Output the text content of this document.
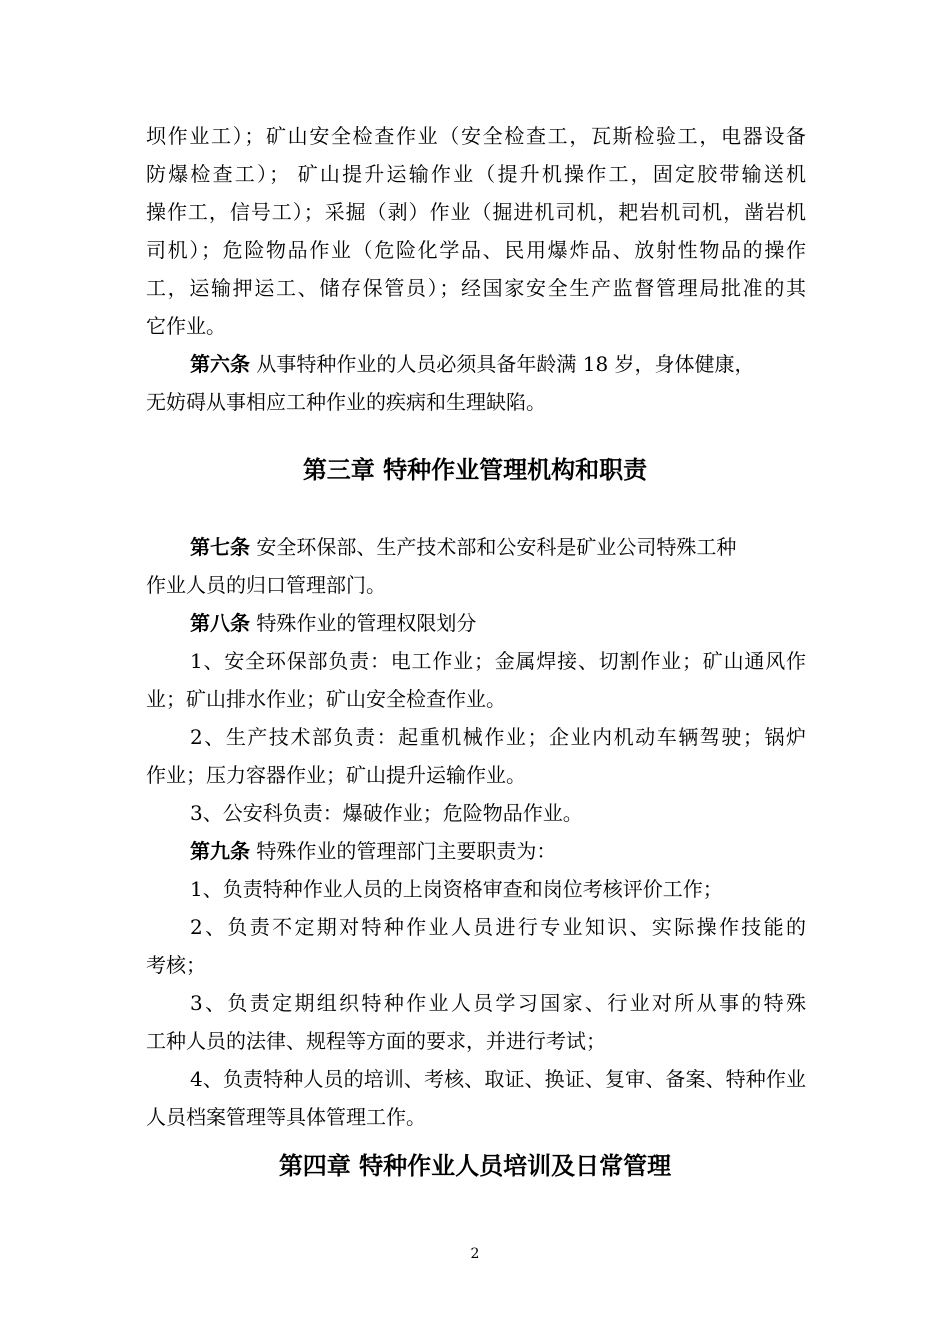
坝作业工）；矿山安全检查作业（安全检查工，瓦斯检验工，电器设备
防爆检查工）； 矿山提升运输作业（提升机操作工，固定胶带输送机
操作工，信号工）；采掘（剥）作业（掘进机司机，耙岩机司机，凿岩机
司机）；危险物品作业（危险化学品、民用爆炸品、放射性物品的操作
工，运输押运工、储存保管员）；经国家安全生产监督管理局批准的其
它作业。
第六条 从事特种作业的人员必须具备年龄满 18 岁，身体健康，
无妨碍从事相应工种作业的疾病和生理缺陷。
第三章 特种作业管理机构和职责
第七条 安全环保部、生产技术部和公安科是矿业公司特殊工种
作业人员的归口管理部门。
第八条 特殊作业的管理权限划分
1、安全环保部负责：电工作业；金属焊接、切割作业；矿山通风作
业；矿山排水作业；矿山安全检查作业。
2、生产技术部负责：起重机械作业；企业内机动车辆驾驶；锅炉
作业；压力容器作业；矿山提升运输作业。
3、公安科负责：爆破作业；危险物品作业。
第九条 特殊作业的管理部门主要职责为：
1、负责特种作业人员的上岗资格审查和岗位考核评价工作；
2、负责不定期对特种作业人员进行专业知识、实际操作技能的
考核；
3、负责定期组织特种作业人员学习国家、行业对所从事的特殊
工种人员的法律、规程等方面的要求，并进行考试；
4、负责特种人员的培训、考核、取证、换证、复审、备案、特种作业
人员档案管理等具体管理工作。
第四章 特种作业人员培训及日常管理
2
